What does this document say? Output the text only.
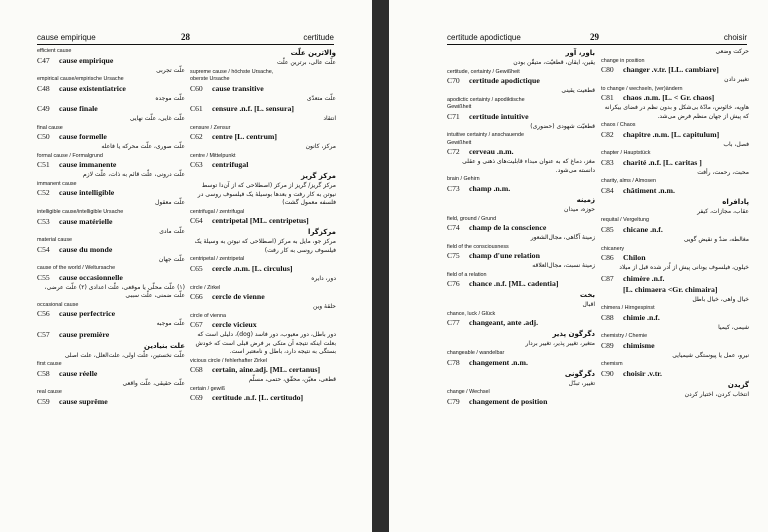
cause empirique	28	certitude
efficient cause
C47 cause empirique
علّت تجربی
empirical cause/empirische Ursache
C48 cause existentiatrice
علّت موجده
C49 cause finale
علّت غایی، علّت نهایی
final cause
C50 cause formelle
علّت صوری، علّت محرکه یا فاعله
formal cause / Formalgrund
C51 cause immanente
علّت درونی، علّت قائم به ذات، علّت لازم
immanent cause
C52 cause intelligible
علّت معقول
intelligible cause/intelligible Ursache
C53 cause matérielle
علّت مادی
material cause
C54 cause du monde
علّت جهان
cause of the world / Weltursache
C55 cause occasionnelle
(۱) علّت محلّی یا موقعی، علّت اعدادی (۲) علّت عرضی، علّت ضمنی، علّت سببی
occasional cause
C56 cause perfectrice
علّت موجبه
C57 cause première
علت بنیادین
علّت نخستین، علّت اولی، علت‌العلل، علت اصلی
first cause
C58 cause réelle
علّت حقیقی، علّت واقعی
real cause
C59 cause suprême
والاترین علّت
علّت عالی، برترین علّت
supreme cause / höchste Ursache,
oberste Ursache
C60 cause transitive
علّت متعدّی
C61 censure .n.f. [L. sensura]
انتقاد
censure / Zensur
C62 centre [L. centrum]
مرکز، کانون
centre / Mittelpunkt
C63 centrifugal
مرکز گریز
مرکز گریز/ گریز از مرکز (اصطلاحی که از آن‌دا توسط نیوتن به کار رفت و بعدها بوسیلهٔ یک فیلسوف روسی در فلسفه معمول گشت)
centrifugal / zentrifugal
C64 centripetal [ML. centripetus]
مرکزگرا
مرکز جو، مایل به مرکز (اصطلاحی که نیوتن به وسیلهٔ یک فیلسوف روسی به کار رفت)
centripetal / zentripetal
C65 cercle .n.m. [L. circulus]
دور، دایره
circle / Zirkel
C66 cercle de vienne
حلقهٔ وین
circle of vienna
C67 cercle vicieux
دور باطل، دور معیوب، دور فاسد (dog)، دلیلی است که بعلت اینکه نتیجه آن متکی بر فرض قبلی است که خودش بستگی به نتیجه دارد، باطل و نامعتبر است.
vicious circle / fehlerhafter Zirkel
C68 certain, aine.adj. [ML. certanus]
قطعی، معیّن، محقّق، حتمی، مسلّم
certain / gewiß
C69 certitude .n.f. [L. certitudo]
certitude apodictique	29	choisir
باور، آور
یقین، ایقان، قطعیّت، متیقّن بودن
certitude, certainty / Gewißheit
C70 certitude apodictique
قطعیت یقینی
apodictic certainty / apodiktische
Gewißheit
C71 certitude intuitive
قطعیّت شهودی (حضوری)
intuitive certainty / anschauende
Gewißheit
C72 cerveau .n.m.
مغز، دماغ که به عنوان مبداء قابلیت‌های ذهنی و عقلی دانسته می‌شود.
brain / Gehirn
C73 champ .n.m.
زمینه
حوزه، میدان
field, ground / Grund
C74 champ de la conscience
زمینهٔ آگاهی، مجال‌الشعور
field of the consciousness
C75 champ d'une relation
زمینهٔ نسبت، مجال‌العلاقه
field of a relation
C76 chance .n.f. [ML. cadentia]
بخت
اقبال
chance, luck / Glück
C77 changeant, ante .adj.
دگرگون پذیر
متغیر، تغییر پذیر، تغییر بردار
changeable / wandelbar
C78 changement .n.m.
دگرگونی
تغییر، تبدّل
change / Wechsel
C79 changement de position
حرکت وضعی
change in position
C80 changer .v.tr. [LL. cambiare]
تغییر دادن
to change / wechseln, (ver)ändern
C81 chaos .n.m. [L. < Gr. chaos]
هاویه، خائوس، مادّهٔ بی‌شکل و بدون نظم در فضای بیکرانه که پیش از جهان منظم فرض می‌شد.
chaos / Chaos
C82 chapitre .n.m. [L. capitulum]
فصل، باب
chapter / Hauptstück
C83 charité .n.f. [L. caritas ]
محبت، رحمت، رأفت
charity, alms / Almosen
C84 châtiment .n.m.
پادافراه
عقاب، مجازات، کیفر
requital / Vergeltung
C85 chicane .n.f.
مغالطه، ضدّ و نقیض گویی
chicanery
C86 Chilon
خیلون، فیلسوف یونانی پیش از اُدر شده قبل از میلاد
C87 chimère .n.f.
[L. chimaera <Gr. chimaira]
خیال واهی، خیال باطل
chimera / Hirngespinst
C88 chimie .n.f.
شیمی، کیمیا
chemistry / Chemie
C89 chimisme
نیرو، عمل یا پیوستگی شیمیایی
chemism
C90 choisir .v.tr.
گزیدن
انتخاب کردن، اختیار کردن
